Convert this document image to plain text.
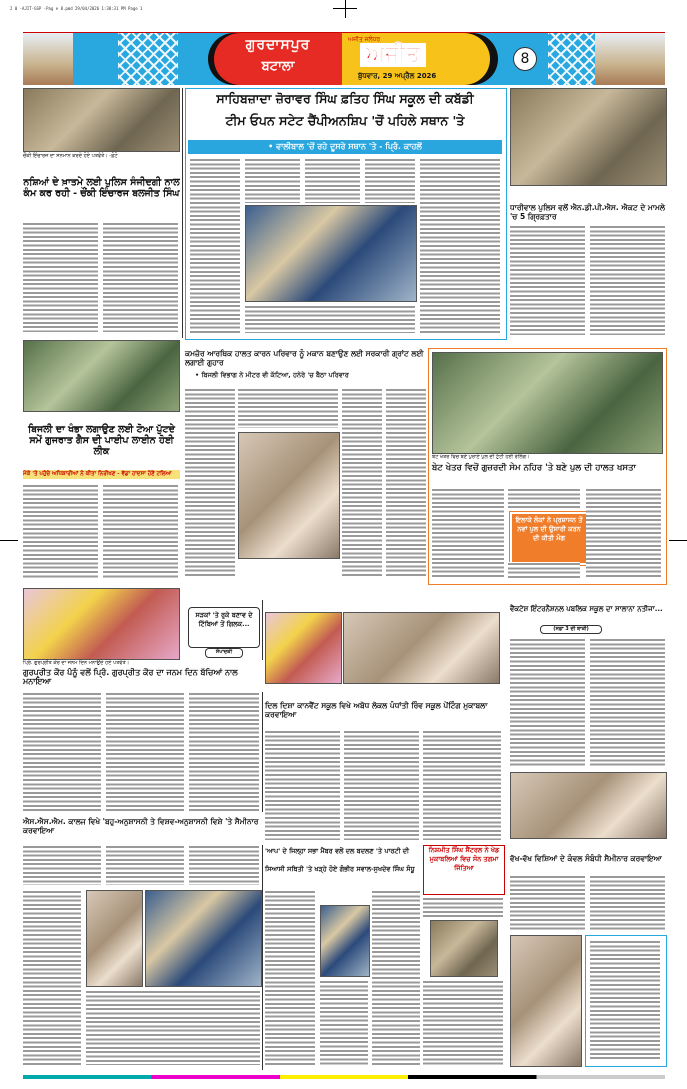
2 0 -AJIT-GSP -Pag e 8.pmd 29/04/2026 1:38:31 PM Page 1
ਗੁਰਦਾਸਪੁਰ
ਬਟਾਲਾ
ਅਜੀਤ ਜਲੰਧਰ
ਅਜੀਤ
ਬੁੱਧਵਾਰ, 29 ਅਪ੍ਰੈਲ 2026
8
ਚੌਂਕੀ ਇੰਚਾਰਜ ਦਾ ਸਨਮਾਨ ਕਰਦੇ ਹੋਏ ਪਤਵੰਤੇ। -ਫ਼ੋਟੋ
ਨਸ਼ਿਆਂ ਦੇ ਖ਼ਾਤਮੇ ਲਈ ਪੁਲਿਸ ਸੰਜੀਦਗੀ ਨਾਲ ਕੰਮ ਕਰ ਰਹੀ - ਚੌਂਕੀ ਇੰਚਾਰਜ ਬਲਜੀਤ ਸਿੰਘ
ਬਿਜਲੀ ਦਾ ਖੰਭਾ ਲਗਾਉਣ ਲਈ ਟੋਆ ਪੁੱਟਦੇ ਸਮੇਂ ਗੁਜਰਾਤ ਗੈਸ ਦੀ ਪਾਈਪ ਲਾਈਨ ਹੋਈ ਲੀਕ
ਮੌਕੇ 'ਤੇ ਪਹੁੰਚੇ ਅਧਿਕਾਰੀਆਂ ਨੇ ਕੀਤਾ ਨਿਰੀਖਣ - ਵੱਡਾ ਹਾਦਸਾ ਹੋਣੋਂ ਟਲਿਆ
ਪ੍ਰਿੰ. ਗੁਰਪ੍ਰੀਤ ਕੌਰ ਦਾ ਜਨਮ ਦਿਨ ਮਨਾਉਂਦੇ ਹੋਏ ਪਤਵੰਤੇ।
ਗੁਰਪ੍ਰੀਤ ਕੌਰ ਪੰਨੂੰ ਵਲੋਂ ਪ੍ਰਿੰ. ਗੁਰਪ੍ਰੀਤ ਕੌਰ ਦਾ ਜਨਮ ਦਿਨ ਬੱਚਿਆਂ ਨਾਲ ਮਨਾਇਆ
ਐਸ.ਐਸ.ਐਮ. ਕਾਲਜ ਵਿਖੇ 'ਬਹੁ-ਅਨੁਸ਼ਾਸਨੀ ਤੇ ਵਿਸ਼ਵ-ਅਨੁਸ਼ਾਸਨੀ ਵਿਸ਼ੇ 'ਤੇ ਸੈਮੀਨਾਰ ਕਰਵਾਇਆ
ਸਾਹਿਬਜ਼ਾਦਾ ਜ਼ੋਰਾਵਰ ਸਿੰਘ ਫ਼ਤਿਹ ਸਿੰਘ ਸਕੂਲ ਦੀ ਕਬੱਡੀ
ਟੀਮ ਓਪਨ ਸਟੇਟ ਚੈਂਪੀਅਨਸ਼ਿਪ 'ਚੋਂ ਪਹਿਲੇ ਸਥਾਨ 'ਤੇ
• ਵਾਲੀਬਾਲ 'ਚੋਂ ਰਹੇ ਦੂਸਰੇ ਸਥਾਨ 'ਤੇ - ਪ੍ਰਿੰ. ਕਾਹਲੋਂ
ਧਾਰੀਵਾਲ ਪੁਲਿਸ ਵਲੋਂ ਐਨ.ਡੀ.ਪੀ.ਐਸ. ਐਕਟ ਦੇ ਮਾਮਲੇ 'ਚ 5 ਗ੍ਰਿਫ਼ਤਾਰ
ਕਮਜ਼ੋਰ ਆਰਥਿਕ ਹਾਲਤ ਕਾਰਨ ਪਰਿਵਾਰ ਨੂੰ ਮਕਾਨ ਬਣਾਉਣ ਲਈ ਸਰਕਾਰੀ ਗ੍ਰਾਂਟ ਲਈ ਲਗਾਈ ਗੁਹਾਰ
• ਬਿਜਲੀ ਵਿਭਾਗ ਨੇ ਮੀਟਰ ਵੀ ਕੱਟਿਆ, ਹਨੇਰੇ 'ਚ ਬੈਠਾ ਪਰਿਵਾਰ
ਬੇਟ ਖੇਤਰ ਵਿਚ ਬਣੇ ਪੁਰਾਣੇ ਪੁਲ ਦੀ ਟੁੱਟੀ ਹੋਈ ਰੇਲਿੰਗ।
ਬੇਟ ਖੇਤਰ ਵਿਚੋਂ ਗੁਜ਼ਰਦੀ ਸੇਮ ਨਹਿਰ 'ਤੇ ਬਣੇ ਪੁਲ ਦੀ ਹਾਲਤ ਖਸਤਾ
ਇਲਾਕੇ ਲੋਕਾਂ ਨੇ ਪ੍ਰਸ਼ਾਸਨ ਤੋਂ ਨਵਾਂ ਪੁਲ ਦੀ ਉਸਾਰੀ ਕਰਨ ਦੀ ਕੀਤੀ ਮੰਗ
ਸੜਕਾਂ 'ਤੇ ਰੁਕੇ ਬਣਾਵ ਦੇ ਟਿੱਬਿਆਂ ਤੋਂ ਗਿਲਕ...
ਸੰਪਾਦਕੀ
ਦਿਲ ਦਿਸ਼ਾ ਕਾਨਵੈਂਟ ਸਕੂਲ ਵਿਖੇ ਅਬੋਧ ਲੋਕਲ ਪੰਧਾਂਤੀ ਰਿੰਵ ਸਕੂਲ ਪੇਂਟਿੰਗ ਮੁਕਾਬਲਾ ਕਰਵਾਇਆ
ਵੈਂਕਟੇਸ਼ ਇੰਟਰਨੈਸ਼ਨਲ ਪਬਲਿਕ ਸਕੂਲ ਦਾ ਸਾਲਾਨਾ ਨਤੀਜਾ...
(ਸਫ਼ਾ 3 ਦੀ ਬਾਕੀ)
'ਆਪ' ਦੇ ਜਿਲ੍ਹਾ ਸਭਾ ਮੈਂਬਰ ਵਲੋਂ ਦਲ ਬਦਲਣ 'ਤੇ ਪਾਰਟੀ ਦੀ
ਸਿਆਸੀ ਸਥਿਤੀ 'ਤੇ ਖੜ੍ਹੇ ਹੋਏ ਗੰਭੀਰ ਸਵਾਲ-ਸੁਖਦੇਵ ਸਿੰਘ ਸੰਧੂ
ਨਿਸ਼ਮੀਤ ਸਿੰਘ ਸੈਂਟਰਲ ਨੇ ਖੇਡ ਮੁਕਾਬਲਿਆਂ ਵਿਚ ਸੋਨ ਤਗਮਾ ਜਿੱਤਿਆ
ਵੱਖ-ਵੱਖ ਵਿਸ਼ਿਆਂ ਦੇ ਕੰਵਲ ਸੰਬੰਧੀ ਸੈਮੀਨਾਰ ਕਰਵਾਇਆ
